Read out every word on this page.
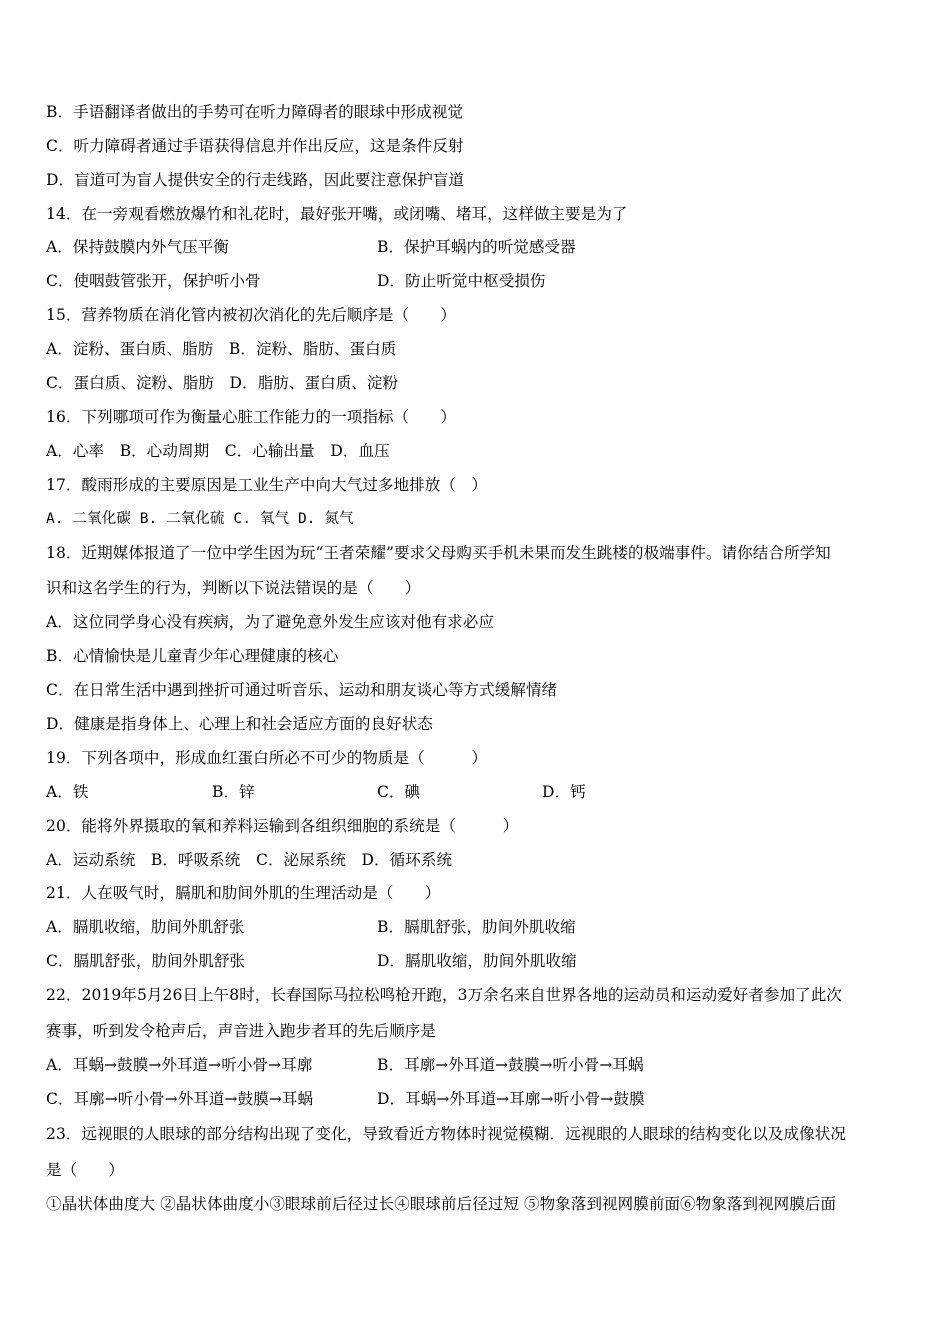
B．手语翻译者做出的手势可在听力障碍者的眼球中形成视觉
C．听力障碍者通过手语获得信息并作出反应，这是条件反射
D．盲道可为盲人提供安全的行走线路，因此要注意保护盲道
14．在一旁观看燃放爆竹和礼花时，最好张开嘴，或闭嘴、堵耳，这样做主要是为了
A．保持鼓膜内外气压平衡	B．保护耳蜗内的听觉感受器
C．使咽鼓管张开，保护听小骨	D．防止听觉中枢受损伤
15．营养物质在消化管内被初次消化的先后顺序是（　　）
A．淀粉、蛋白质、脂肪　B．淀粉、脂肪、蛋白质
C．蛋白质、淀粉、脂肪　D．脂肪、蛋白质、淀粉
16．下列哪项可作为衡量心脏工作能力的一项指标（　　）
A．心率　B．心动周期　C．心输出量　D．血压
17．酸雨形成的主要原因是工业生产中向大气过多地排放（　）
A. 二氧化碳 B. 二氧化硫 C. 氧气 D. 氮气
18．近期媒体报道了一位中学生因为玩“王者荣耀”要求父母购买手机未果而发生跳楼的极端事件。请你结合所学知
识和这名学生的行为，判断以下说法错误的是（　　）
A．这位同学身心没有疾病，为了避免意外发生应该对他有求必应
B．心情愉快是儿童青少年心理健康的核心
C．在日常生活中遇到挫折可通过听音乐、运动和朋友谈心等方式缓解情绪
D．健康是指身体上、心理上和社会适应方面的良好状态
19．下列各项中，形成血红蛋白所必不可少的物质是（　　　）
A．铁	B．锌	C．碘	D．钙
20．能将外界摄取的氧和养料运输到各组织细胞的系统是（　　　）
A．运动系统　B．呼吸系统　C．泌尿系统　D．循环系统
21．人在吸气时，膈肌和肋间外肌的生理活动是（　　）
A．膈肌收缩，肋间外肌舒张	B．膈肌舒张，肋间外肌收缩
C．膈肌舒张，肋间外肌舒张	D．膈肌收缩，肋间外肌收缩
22．2019年5月26日上午8时，长春国际马拉松鸣枪开跑，3万余名来自世界各地的运动员和运动爱好者参加了此次
赛事，听到发令枪声后，声音进入跑步者耳的先后顺序是
A．耳蜗→鼓膜→外耳道→听小骨→耳廓	B．耳廓→外耳道→鼓膜→听小骨→耳蜗
C．耳廓→听小骨→外耳道→鼓膜→耳蜗	D．耳蜗→外耳道→耳廓→听小骨→鼓膜
23．远视眼的人眼球的部分结构出现了变化，导致看近方物体时视觉模糊．远视眼的人眼球的结构变化以及成像状况
是（　　）
①晶状体曲度大 ②晶状体曲度小③眼球前后径过长④眼球前后径过短 ⑤物象落到视网膜前面⑥物象落到视网膜后面
